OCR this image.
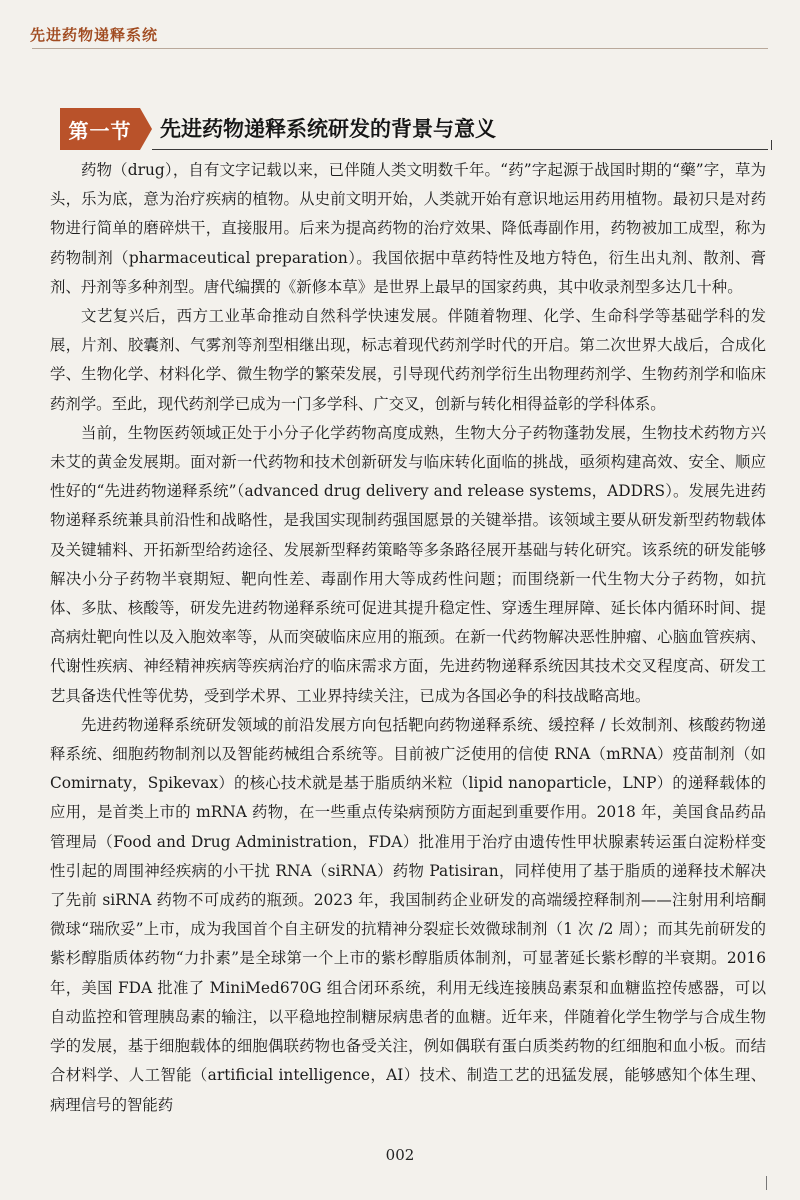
先进药物递释系统
第一节	先进药物递释系统研发的背景与意义

药物（drug），自有文字记载以来，已伴随人类文明数千年。“药”字起源于战国时期的“藥”字，草为头，乐为底，意为治疗疾病的植物。从史前文明开始，人类就开始有意识地运用药用植物。最初只是对药物进行简单的磨碎烘干，直接服用。后来为提高药物的治疗效果、降低毒副作用，药物被加工成型，称为药物制剂（pharmaceutical preparation）。我国依据中草药特性及地方特色，衍生出丸剂、散剂、膏剂、丹剂等多种剂型。唐代编撰的《新修本草》是世界上最早的国家药典，其中收录剂型多达几十种。

文艺复兴后，西方工业革命推动自然科学快速发展。伴随着物理、化学、生命科学等基础学科的发展，片剂、胶囊剂、气雾剂等剂型相继出现，标志着现代药剂学时代的开启。第二次世界大战后，合成化学、生物化学、材料化学、微生物学的繁荣发展，引导现代药剂学衍生出物理药剂学、生物药剂学和临床药剂学。至此，现代药剂学已成为一门多学科、广交叉，创新与转化相得益彰的学科体系。

当前，生物医药领域正处于小分子化学药物高度成熟，生物大分子药物蓬勃发展，生物技术药物方兴未艾的黄金发展期。面对新一代药物和技术创新研发与临床转化面临的挑战，亟须构建高效、安全、顺应性好的“先进药物递释系统”（advanced drug delivery and release systems，ADDRS）。发展先进药物递释系统兼具前沿性和战略性，是我国实现制药强国愿景的关键举措。该领域主要从研发新型药物载体及关键辅料、开拓新型给药途径、发展新型释药策略等多条路径展开基础与转化研究。该系统的研发能够解决小分子药物半衰期短、靶向性差、毒副作用大等成药性问题；而围绕新一代生物大分子药物，如抗体、多肽、核酸等，研发先进药物递释系统可促进其提升稳定性、穿透生理屏障、延长体内循环时间、提高病灶靶向性以及入胞效率等，从而突破临床应用的瓶颈。在新一代药物解决恶性肿瘤、心脑血管疾病、代谢性疾病、神经精神疾病等疾病治疗的临床需求方面，先进药物递释系统因其技术交叉程度高、研发工艺具备迭代性等优势，受到学术界、工业界持续关注，已成为各国必争的科技战略高地。

先进药物递释系统研发领域的前沿发展方向包括靶向药物递释系统、缓控释 / 长效制剂、核酸药物递释系统、细胞药物制剂以及智能药械组合系统等。目前被广泛使用的信使 RNA（mRNA）疫苗制剂（如 Comirnaty，Spikevax）的核心技术就是基于脂质纳米粒（lipid nanoparticle，LNP）的递释载体的应用，是首类上市的 mRNA 药物，在一些重点传染病预防方面起到重要作用。2018 年，美国食品药品管理局（Food and Drug Administration，FDA）批准用于治疗由遗传性甲状腺素转运蛋白淀粉样变性引起的周围神经疾病的小干扰 RNA（siRNA）药物 Patisiran，同样使用了基于脂质的递释技术解决了先前 siRNA 药物不可成药的瓶颈。2023 年，我国制药企业研发的高端缓控释制剂——注射用利培酮微球“瑞欣妥”上市，成为我国首个自主研发的抗精神分裂症长效微球制剂（1 次 /2 周）；而其先前研发的紫杉醇脂质体药物“力扑素”是全球第一个上市的紫杉醇脂质体制剂，可显著延长紫杉醇的半衰期。2016 年，美国 FDA 批准了 MiniMed670G 组合闭环系统，利用无线连接胰岛素泵和血糖监控传感器，可以自动监控和管理胰岛素的输注，以平稳地控制糖尿病患者的血糖。近年来，伴随着化学生物学与合成生物学的发展，基于细胞载体的细胞偶联药物也备受关注，例如偶联有蛋白质类药物的红细胞和血小板。而结合材料学、人工智能（artificial intelligence，AI）技术、制造工艺的迅猛发展，能够感知个体生理、病理信号的智能药

002
